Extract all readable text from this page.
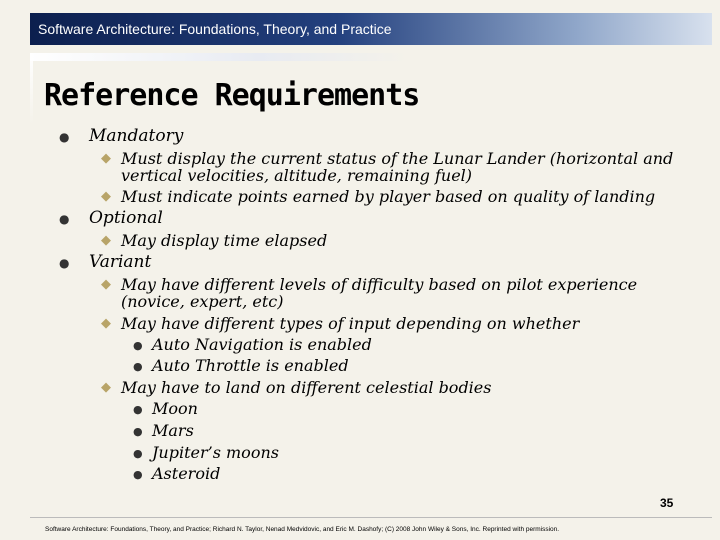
Software Architecture: Foundations, Theory, and Practice
Reference Requirements
● Mandatory
◆ Must display the current status of the Lunar Lander (horizontal and
vertical velocities, altitude, remaining fuel)
◆ Must indicate points earned by player based on quality of landing
● Optional
◆ May display time elapsed
● Variant
◆ May have different levels of difficulty based on pilot experience
(novice, expert, etc)
◆ May have different types of input depending on whether
● Auto Navigation is enabled
● Auto Throttle is enabled
◆ May have to land on different celestial bodies
● Moon
● Mars
● Jupiter’s moons
● Asteroid
35
Software Architecture: Foundations, Theory, and Practice; Richard N. Taylor, Nenad Medvidovic, and Eric M. Dashofy; (C) 2008 John Wiley & Sons, Inc. Reprinted with permission.
